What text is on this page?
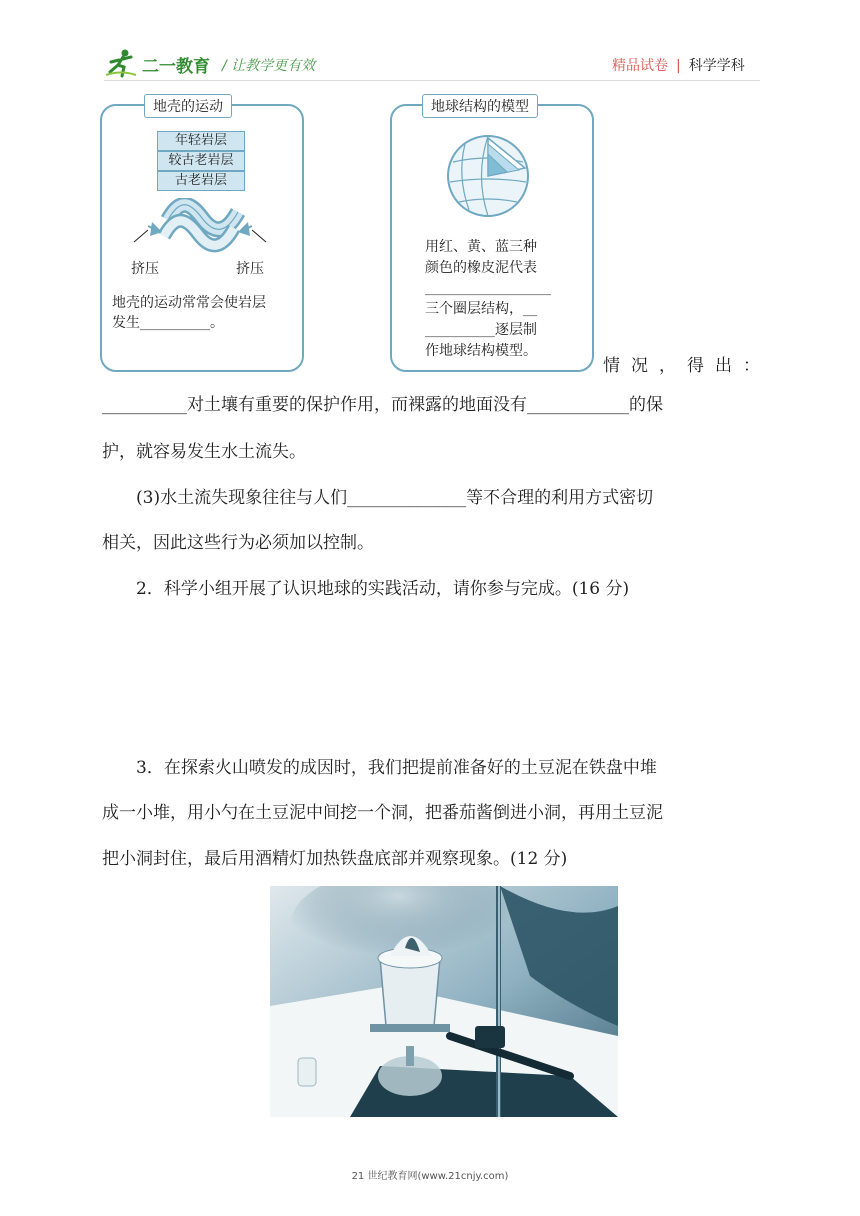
二一教育 / 让教学更有效	精品试卷 | 科学学科
地壳的运动
年轻岩层
较古老岩层
古老岩层
挤压	挤压
地壳的运动常常会使岩层
发生__________。
地球结构的模型
用红、黄、蓝三种
颜色的橡皮泥代表
__________________
三个圈层结构，__
__________逐层制
作地球结构模型。
情 况 ， 得 出 ：
__________对土壤有重要的保护作用，而裸露的地面没有____________的保
护，就容易发生水土流失。
(3)水土流失现象往往与人们______________等不合理的利用方式密切
相关，因此这些行为必须加以控制。
2．科学小组开展了认识地球的实践活动，请你参与完成。(16 分)
3．在探索火山喷发的成因时，我们把提前准备好的土豆泥在铁盘中堆
成一小堆，用小勺在土豆泥中间挖一个洞，把番茄酱倒进小洞，再用土豆泥
把小洞封住，最后用酒精灯加热铁盘底部并观察现象。(12 分)
21 世纪教育网(www.21cnjy.com)
